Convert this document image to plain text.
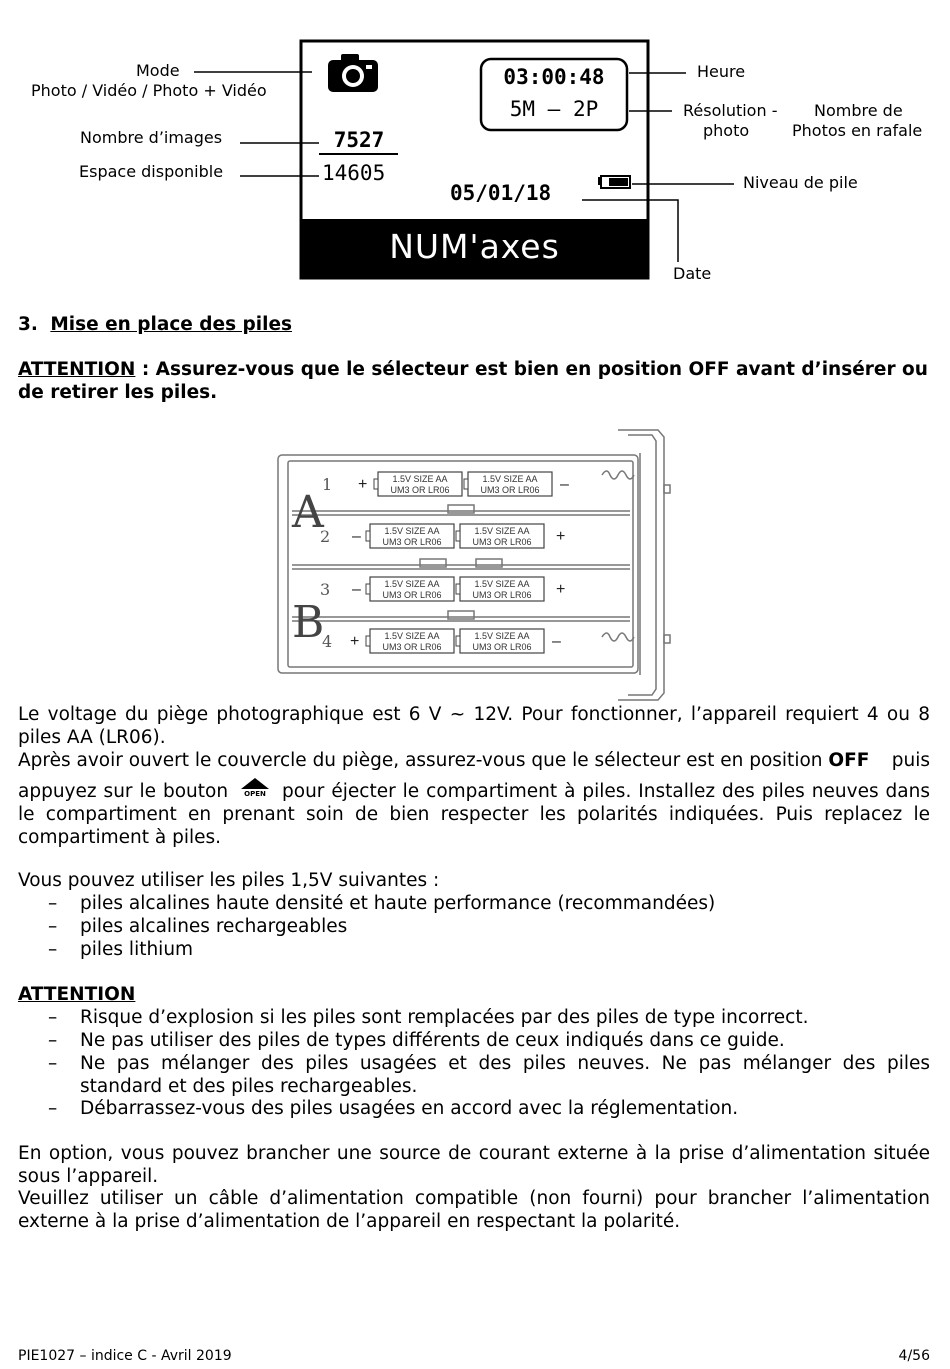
03:00:48
5M – 2P
7527
14605
05/01/18
NUM'axes
Mode
Photo / Vidéo / Photo + Vidéo
Nombre d’images
Espace disponible
Heure
Résolution -
photo
Nombre de
Photos en rafale
Niveau de pile
Date
3. Mise en place des piles
ATTENTION : Assurez-vous que le sélecteur est bien en position OFF avant d’insérer ou de retirer les piles.
A
B
1
2
3
4
1.5V SIZE AA
UM3 OR LR06
1.5V SIZE AA
UM3 OR LR06
+	–
1.5V SIZE AA
UM3 OR LR06
1.5V SIZE AA
UM3 OR LR06
–	+
1.5V SIZE AA
UM3 OR LR06
1.5V SIZE AA
UM3 OR LR06
–	+
1.5V SIZE AA
UM3 OR LR06
1.5V SIZE AA
UM3 OR LR06
+	–
Le voltage du piège photographique est 6 V ~ 12V. Pour fonctionner, l’appareil requiert 4 ou 8 piles AA (LR06).
Après avoir ouvert le couvercle du piège, assurez-vous que le sélecteur est en position OFF puis
appuyez sur le bouton	OPEN pour éjecter le compartiment à piles. Installez des piles neuves dans le compartiment en prenant soin de bien respecter les polarités indiquées. Puis replacez le compartiment à piles.
Vous pouvez utiliser les piles 1,5V suivantes :
– piles alcalines haute densité et haute performance (recommandées)
– piles alcalines rechargeables
– piles lithium
ATTENTION
– Risque d’explosion si les piles sont remplacées par des piles de type incorrect.
– Ne pas utiliser des piles de types différents de ceux indiqués dans ce guide.
– Ne pas mélanger des piles usagées et des piles neuves. Ne pas mélanger des piles standard et des piles rechargeables.
– Débarrassez-vous des piles usagées en accord avec la réglementation.
En option, vous pouvez brancher une source de courant externe à la prise d’alimentation située sous l’appareil.
Veuillez utiliser un câble d’alimentation compatible (non fourni) pour brancher l’alimentation externe à la prise d’alimentation de l’appareil en respectant la polarité.
PIE1027 – indice C - Avril 2019	4/56
